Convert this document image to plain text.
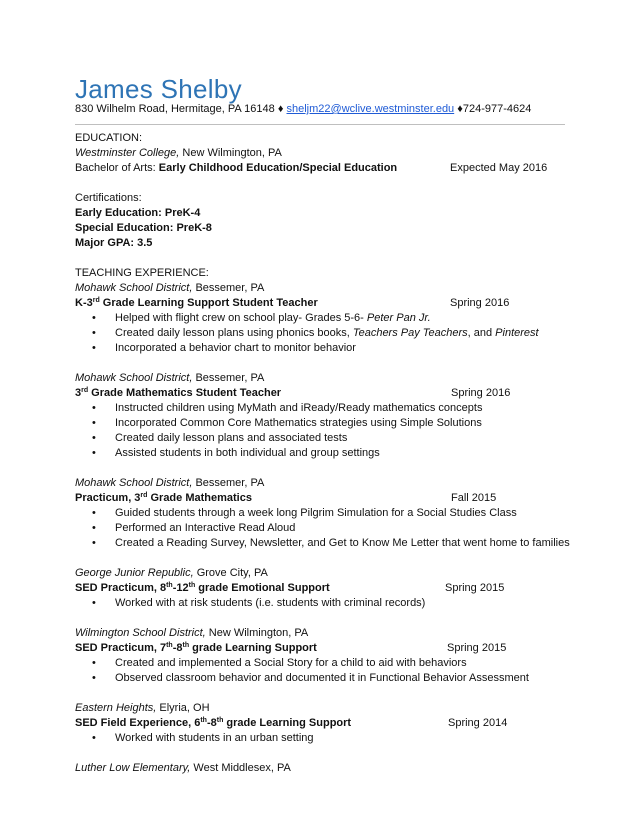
James Shelby
830 Wilhelm Road, Hermitage, PA 16148 ♦ sheljm22@wclive.westminster.edu ♦724-977-4624
EDUCATION:
Westminster College, New Wilmington, PA
Bachelor of Arts: Early Childhood Education/Special Education	Expected May 2016
Certifications:
Early Education: PreK-4
Special Education: PreK-8
Major GPA: 3.5
TEACHING EXPERIENCE:
Mohawk School District, Bessemer, PA
K-3rd Grade Learning Support Student Teacher	Spring 2016
• Helped with flight crew on school play- Grades 5-6- Peter Pan Jr.
• Created daily lesson plans using phonics books, Teachers Pay Teachers, and Pinterest
• Incorporated a behavior chart to monitor behavior
Mohawk School District, Bessemer, PA
3rd Grade Mathematics Student Teacher	Spring 2016
• Instructed children using MyMath and iReady/Ready mathematics concepts
• Incorporated Common Core Mathematics strategies using Simple Solutions
• Created daily lesson plans and associated tests
• Assisted students in both individual and group settings
Mohawk School District, Bessemer, PA
Practicum, 3rd Grade Mathematics	Fall 2015
• Guided students through a week long Pilgrim Simulation for a Social Studies Class
• Performed an Interactive Read Aloud
• Created a Reading Survey, Newsletter, and Get to Know Me Letter that went home to families
George Junior Republic, Grove City, PA
SED Practicum, 8th-12th grade Emotional Support	Spring 2015
• Worked with at risk students (i.e. students with criminal records)
Wilmington School District, New Wilmington, PA
SED Practicum, 7th-8th grade Learning Support	Spring 2015
• Created and implemented a Social Story for a child to aid with behaviors
• Observed classroom behavior and documented it in Functional Behavior Assessment
Eastern Heights, Elyria, OH
SED Field Experience, 6th-8th grade Learning Support	Spring 2014
• Worked with students in an urban setting
Luther Low Elementary, West Middlesex, PA
